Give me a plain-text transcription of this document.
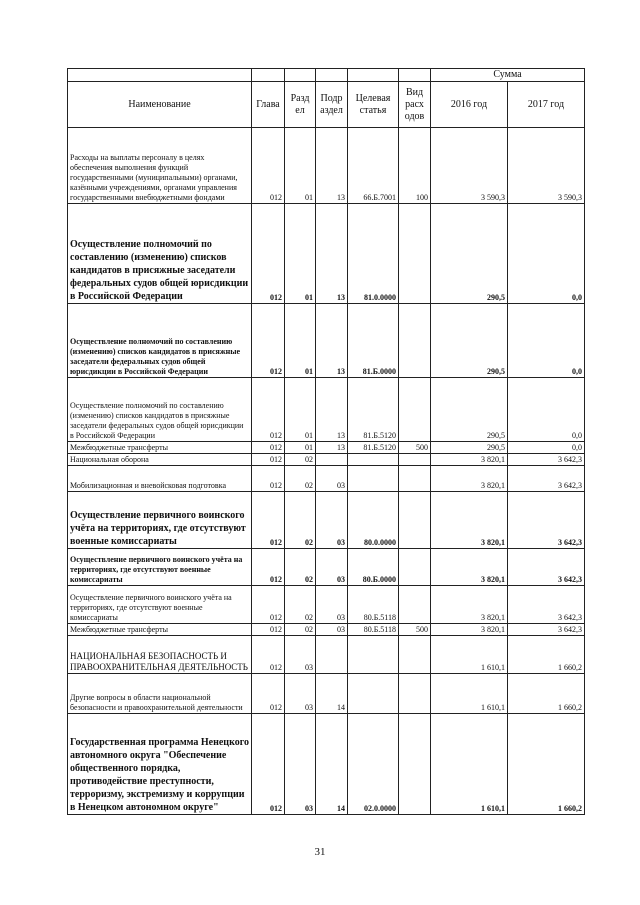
						Сумма	
Наименование	Глава	Разд ел	Подр аздел	Целевая статья	Вид расх одов	2016 год	2017 год
Расходы на выплаты персоналу в целях обеспечения выполнения функций государственными (муниципальными) органами, казёнными учреждениями, органами управления государственными внебюджетными фондами	012	01	13	66.Б.7001	100	3 590,3	3 590,3
Осуществление полномочий по составлению (изменению) списков кандидатов в присяжные заседатели федеральных судов общей юрисдикции в Российской Федерации	012	01	13	81.0.0000		290,5	0,0
Осуществление полномочий по составлению (изменению) списков кандидатов в присяжные заседатели федеральных судов общей юрисдикции в Российской Федерации	012	01	13	81.Б.0000		290,5	0,0
Осуществление полномочий по составлению (изменению) списков кандидатов в присяжные заседатели федеральных судов общей юрисдикции в Российской Федерации	012	01	13	81.Б.5120		290,5	0,0
Межбюджетные трансферты	012	01	13	81.Б.5120	500	290,5	0,0
Национальная оборона	012	02				3 820,1	3 642,3
Мобилизационная и вневойсковая подготовка	012	02	03			3 820,1	3 642,3
Осуществление первичного воинского учёта на территориях, где отсутствуют военные комиссариаты	012	02	03	80.0.0000		3 820,1	3 642,3
Осуществление первичного воинского учёта на территориях, где отсутствуют военные комиссариаты	012	02	03	80.Б.0000		3 820,1	3 642,3
Осуществление первичного воинского учёта на территориях, где отсутствуют военные комиссариаты	012	02	03	80.Б.5118		3 820,1	3 642,3
Межбюджетные трансферты	012	02	03	80.Б.5118	500	3 820,1	3 642,3
НАЦИОНАЛЬНАЯ БЕЗОПАСНОСТЬ И ПРАВООХРАНИТЕЛЬНАЯ ДЕЯТЕЛЬНОСТЬ	012	03				1 610,1	1 660,2
Другие вопросы в области национальной безопасности и правоохранительной деятельности	012	03	14			1 610,1	1 660,2
Государственная программа Ненецкого автономного округа "Обеспечение общественного порядка, противодействие преступности, терроризму, экстремизму и коррупции в Ненецком автономном округе"	012	03	14	02.0.0000		1 610,1	1 660,2
31
